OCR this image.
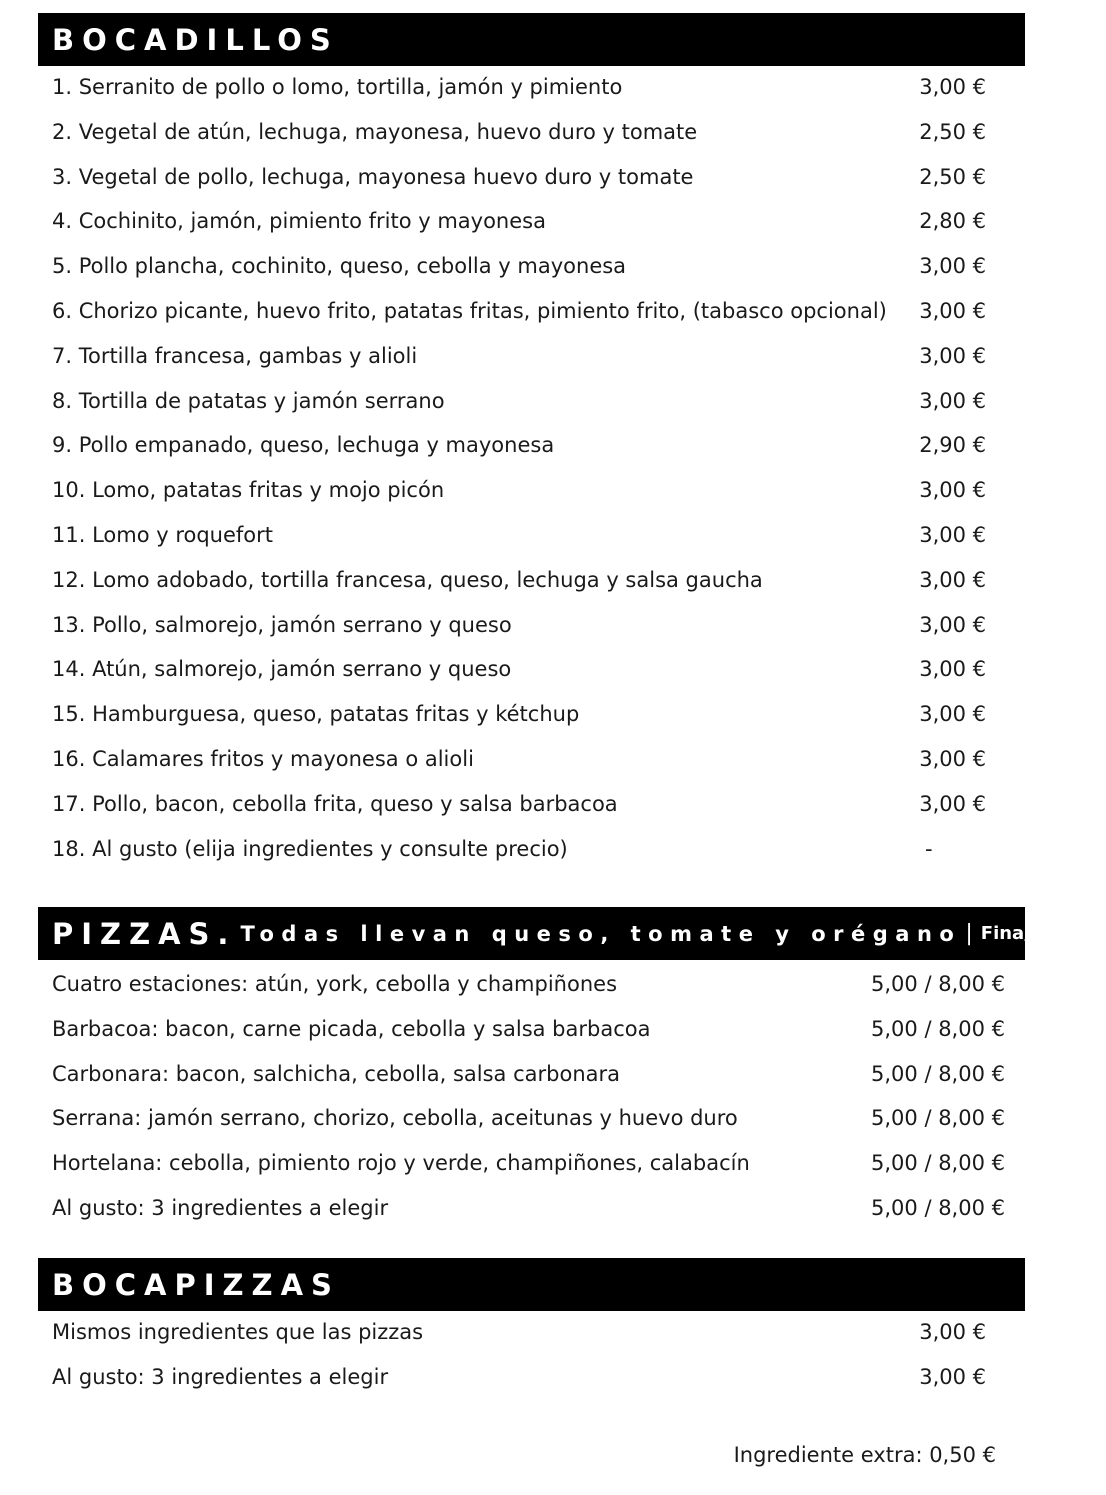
BOCADILLOS
1. Serranito de pollo o lomo, tortilla, jamón y pimiento	3,00 €
2. Vegetal de atún, lechuga, mayonesa, huevo duro y tomate	2,50 €
3. Vegetal de pollo, lechuga, mayonesa huevo duro y tomate	2,50 €
4. Cochinito, jamón, pimiento frito y mayonesa	2,80 €
5. Pollo plancha, cochinito, queso, cebolla y mayonesa	3,00 €
6. Chorizo picante, huevo frito, patatas fritas, pimiento frito, (tabasco opcional) 3,00 €
7. Tortilla francesa, gambas y alioli	3,00 €
8. Tortilla de patatas y jamón serrano	3,00 €
9. Pollo empanado, queso, lechuga y mayonesa	2,90 €
10. Lomo, patatas fritas y mojo picón	3,00 €
11. Lomo y roquefort	3,00 €
12. Lomo adobado, tortilla francesa, queso, lechuga y salsa gaucha	3,00 €
13. Pollo, salmorejo, jamón serrano y queso	3,00 €
14. Atún, salmorejo, jamón serrano y queso	3,00 €
15. Hamburguesa, queso, patatas fritas y kétchup	3,00 €
16. Calamares fritos y mayonesa o alioli	3,00 €
17. Pollo, bacon, cebolla frita, queso y salsa barbacoa	3,00 €
18. Al gusto (elija ingredientes y consulte precio)	-
PIZZAS. Todas llevan queso, tomate y orégano | Fina/Rústica
Cuatro estaciones: atún, york, cebolla y champiñones	5,00 / 8,00 €
Barbacoa: bacon, carne picada, cebolla y salsa barbacoa	5,00 / 8,00 €
Carbonara: bacon, salchicha, cebolla, salsa carbonara	5,00 / 8,00 €
Serrana: jamón serrano, chorizo, cebolla, aceitunas y huevo duro	5,00 / 8,00 €
Hortelana: cebolla, pimiento rojo y verde, champiñones, calabacín	5,00 / 8,00 €
Al gusto: 3 ingredientes a elegir	5,00 / 8,00 €
BOCAPIZZAS
Mismos ingredientes que las pizzas	3,00 €
Al gusto: 3 ingredientes a elegir	3,00 €
Ingrediente extra: 0,50 €
